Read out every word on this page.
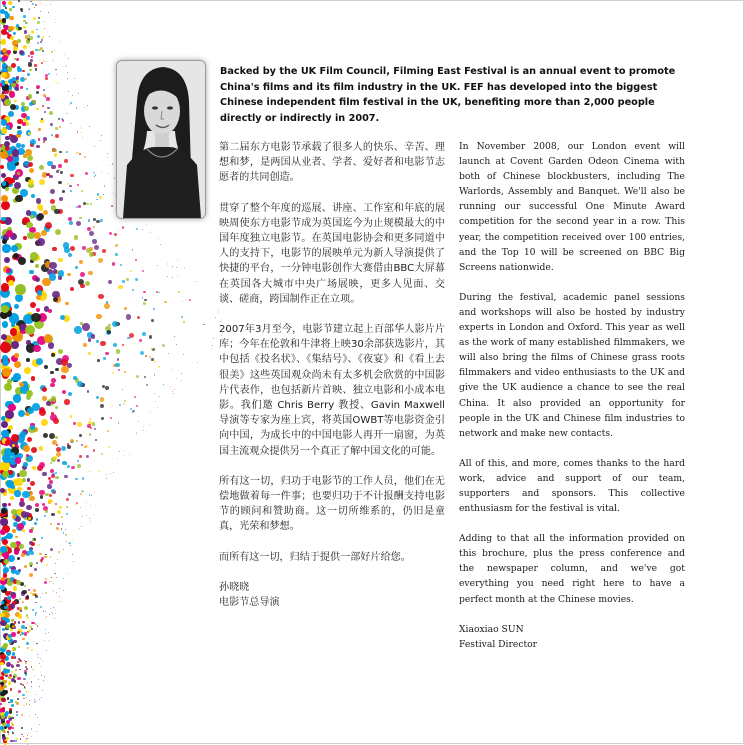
Backed by the UK Film Council, Filming East Festival is an annual event to promote China's films and its film industry in the UK. FEF has developed into the biggest Chinese independent film festival in the UK, benefiting more than 2,000 people directly or indirectly in 2007.

第二届东方电影节承载了很多人的快乐、辛苦、理想和梦，是两国从业者、学者、爱好者和电影节志愿者的共同创造。

贯穿了整个年度的巡展、讲座、工作室和年底的展映周使东方电影节成为英国迄今为止规模最大的中国年度独立电影节。在英国电影协会和更多同道中人的支持下，电影节的展映单元为新人导演提供了快捷的平台，一分钟电影创作大赛借由BBC大屏幕在英国各大城市中央广场展映，更多人见面、交谈、磋商，跨国制作正在立项。

2007年3月至今，电影节建立起上百部华人影片片库；今年在伦敦和牛津将上映30余部获选影片，其中包括《投名状》、《集结号》、《夜宴》和《看上去很美》这些英国观众尚未有太多机会欣赏的中国影片代表作，也包括新片首映、独立电影和小成本电影。我们邀 Chris Berry 教授、Gavin Maxwell 导演等专家为座上宾，将英国OWBT等电影资金引向中国，为成长中的中国电影人再开一扇窗，为英国主流观众提供另一个真正了解中国文化的可能。

所有这一切，归功于电影节的工作人员，他们在无偿地做着每一件事；也要归功于不计报酬支持电影节的顾问和赞助商。这一切所维系的，仍旧是童真，光荣和梦想。

而所有这一切，归结于提供一部好片给您。

孙晓晓

电影节总导演

In November 2008, our London event will launch at Covent Garden Odeon Cinema with both of Chinese blockbusters, including The Warlords, Assembly and Banquet. We'll also be running our successful One Minute Award competition for the second year in a row. This year, the competition received over 100 entries, and the Top 10 will be screened on BBC Big Screens nationwide.

During the festival, academic panel sessions and workshops will also be hosted by industry experts in London and Oxford. This year as well as the work of many established filmmakers, we will also bring the films of Chinese grass roots filmmakers and video enthusiasts to the UK and give the UK audience a chance to see the real China. It also provided an opportunity for people in the UK and Chinese film industries to network and make new contacts.

All of this, and more, comes thanks to the hard work, advice and support of our team, supporters and sponsors. This collective enthusiasm for the festival is vital.

Adding to that all the information provided on this brochure, plus the press conference and the newspaper column, and we've got everything you need right here to have a perfect month at the Chinese movies.

Xiaoxiao SUN

Festival Director
